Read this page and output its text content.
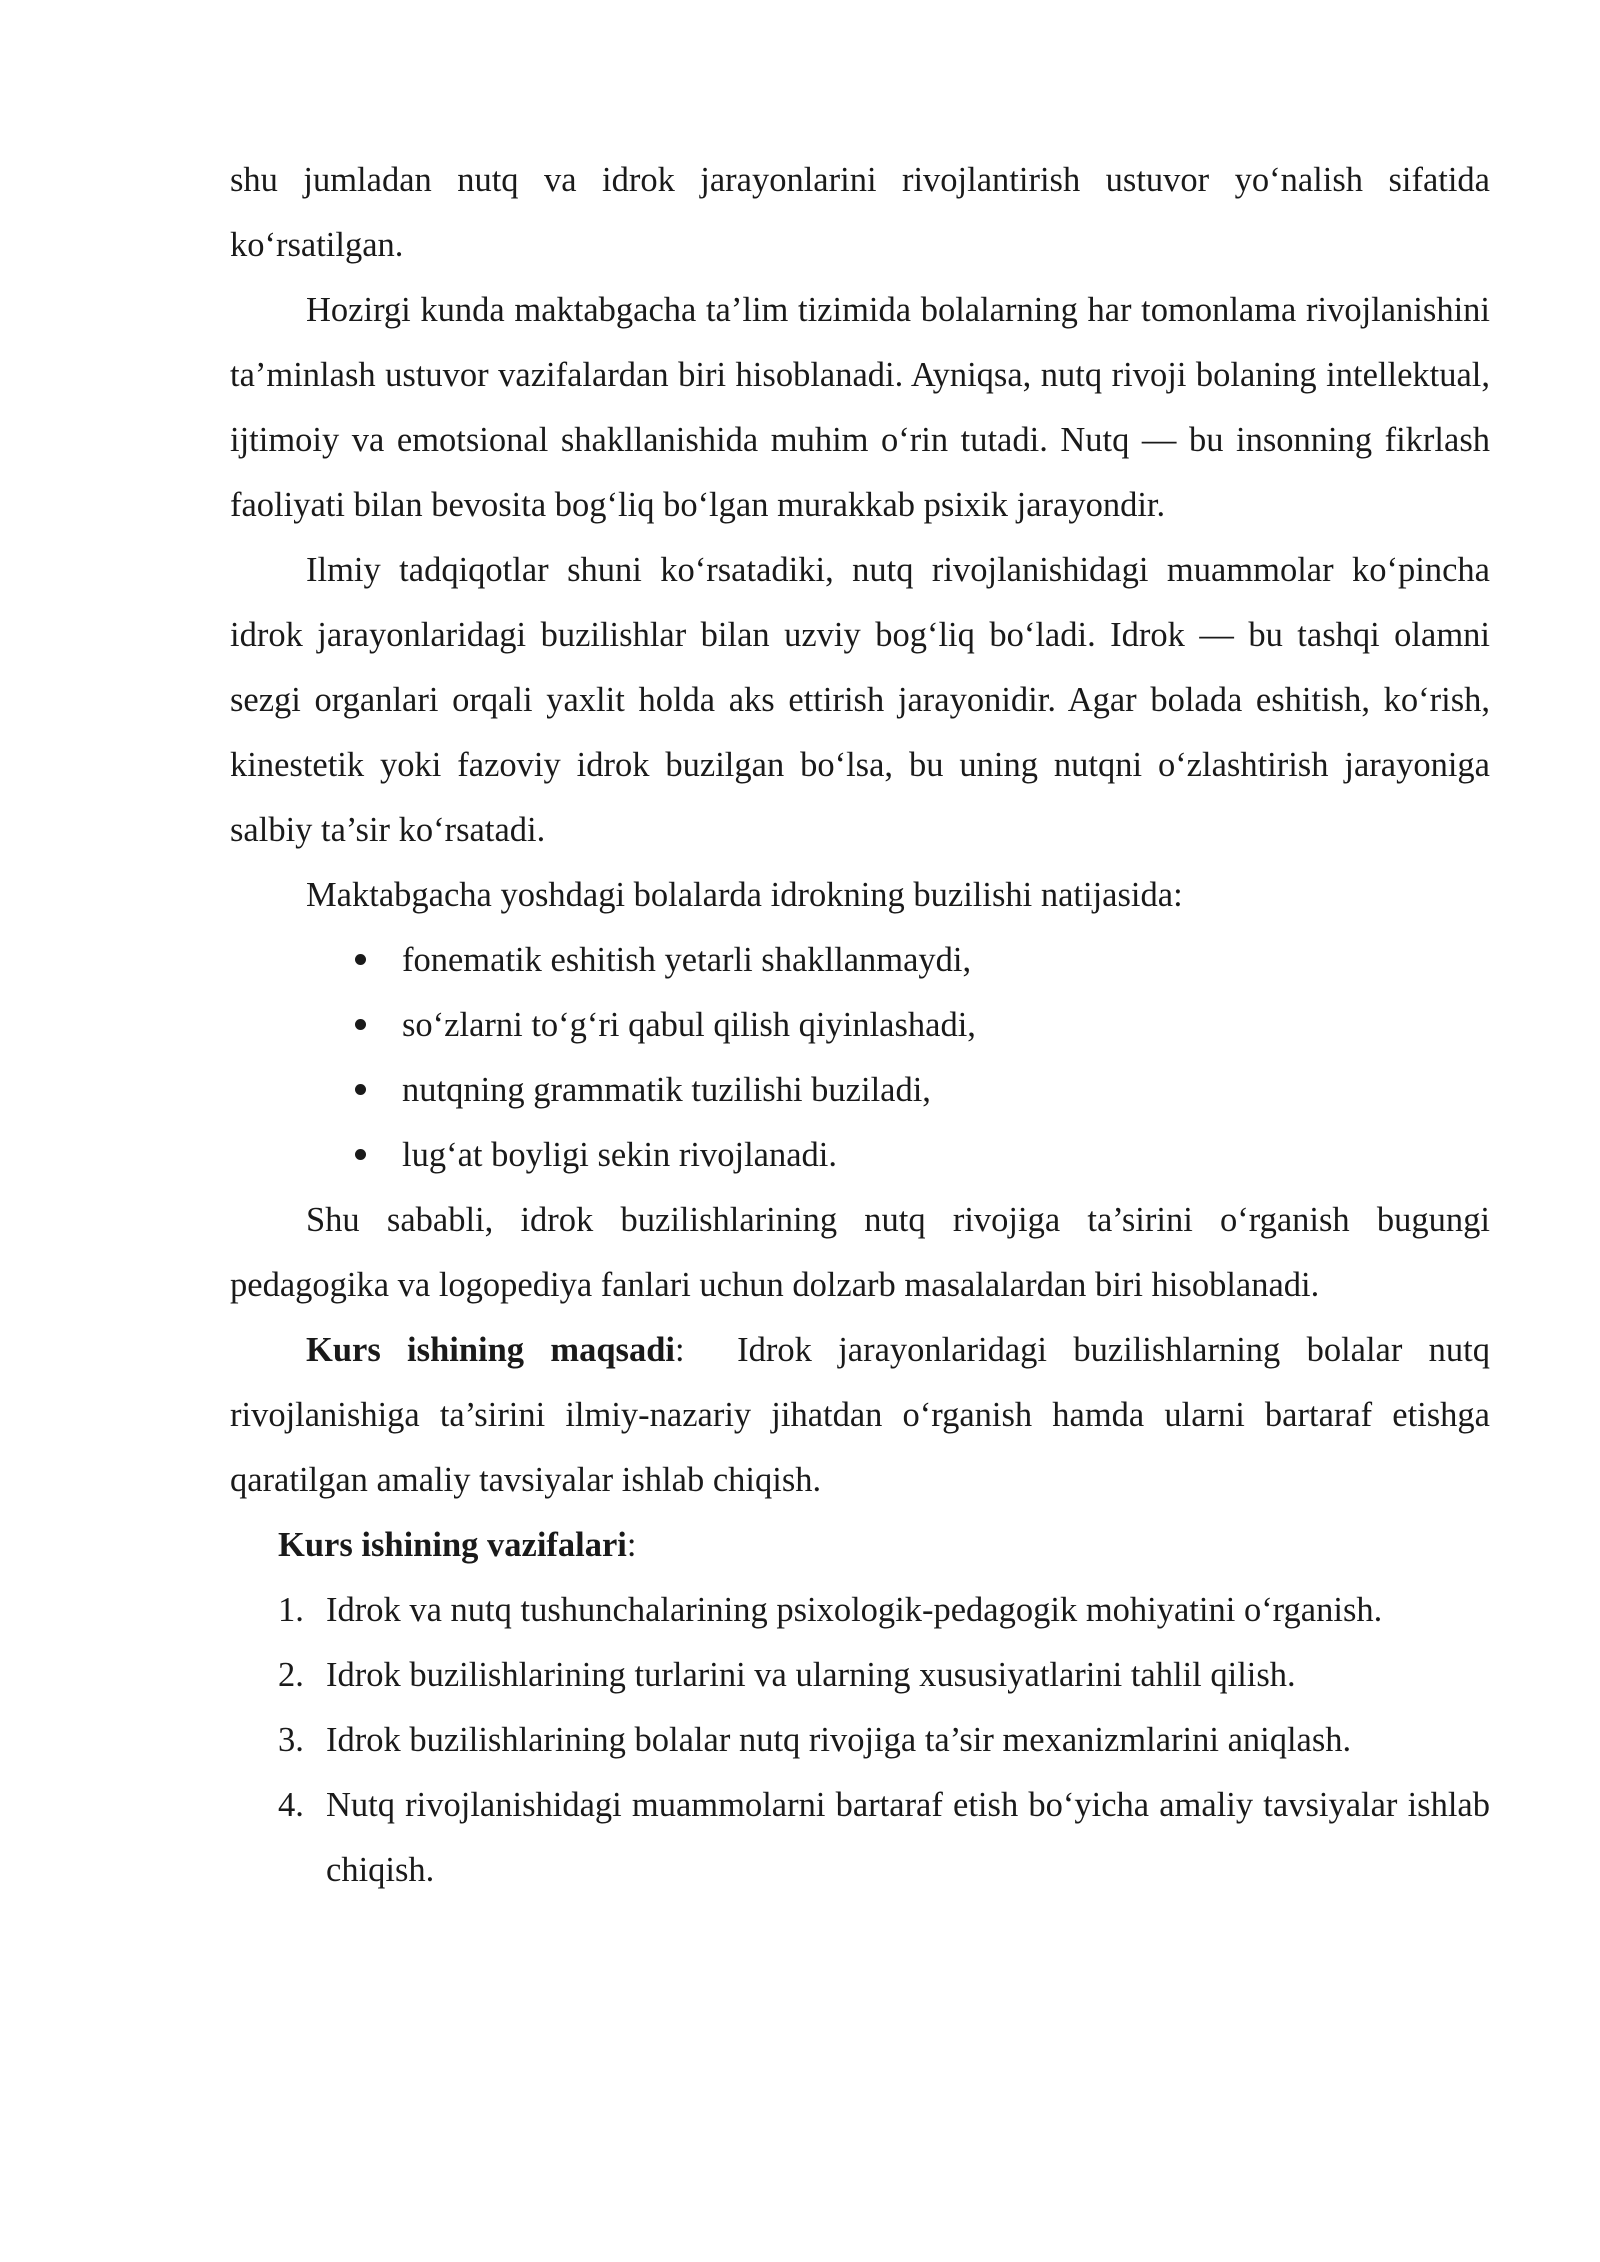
shu jumladan nutq va idrok jarayonlarini rivojlantirish ustuvor yo‘nalish sifatida ko‘rsatilgan.

Hozirgi kunda maktabgacha ta’lim tizimida bolalarning har tomonlama rivojlanishini ta’minlash ustuvor vazifalardan biri hisoblanadi. Ayniqsa, nutq rivoji bolaning intellektual, ijtimoiy va emotsional shakllanishida muhim o‘rin tutadi. Nutq — bu insonning fikrlash faoliyati bilan bevosita bog‘liq bo‘lgan murakkab psixik jarayondir.

Ilmiy tadqiqotlar shuni ko‘rsatadiki, nutq rivojlanishidagi muammolar ko‘pincha idrok jarayonlaridagi buzilishlar bilan uzviy bog‘liq bo‘ladi. Idrok — bu tashqi olamni sezgi organlari orqali yaxlit holda aks ettirish jarayonidir. Agar bolada eshitish, ko‘rish, kinestetik yoki fazoviy idrok buzilgan bo‘lsa, bu uning nutqni o‘zlashtirish jarayoniga salbiy ta’sir ko‘rsatadi.

Maktabgacha yoshdagi bolalarda idrokning buzilishi natijasida:

fonematik eshitish yetarli shakllanmaydi,
so‘zlarni to‘g‘ri qabul qilish qiyinlashadi,
nutqning grammatik tuzilishi buziladi,
lug‘at boyligi sekin rivojlanadi.

Shu sababli, idrok buzilishlarining nutq rivojiga ta’sirini o‘rganish bugungi pedagogika va logopediya fanlari uchun dolzarb masalalardan biri hisoblanadi.

Kurs ishining maqsadi:  Idrok jarayonlaridagi buzilishlarning bolalar nutq rivojlanishiga ta’sirini ilmiy-nazariy jihatdan o‘rganish hamda ularni bartaraf etishga qaratilgan amaliy tavsiyalar ishlab chiqish.

Kurs ishining vazifalari:

1. Idrok va nutq tushunchalarining psixologik-pedagogik mohiyatini o‘rganish.
2. Idrok buzilishlarining turlarini va ularning xususiyatlarini tahlil qilish.
3. Idrok buzilishlarining bolalar nutq rivojiga ta’sir mexanizmlarini aniqlash.
4. Nutq rivojlanishidagi muammolarni bartaraf etish bo‘yicha amaliy tavsiyalar ishlab chiqish.
